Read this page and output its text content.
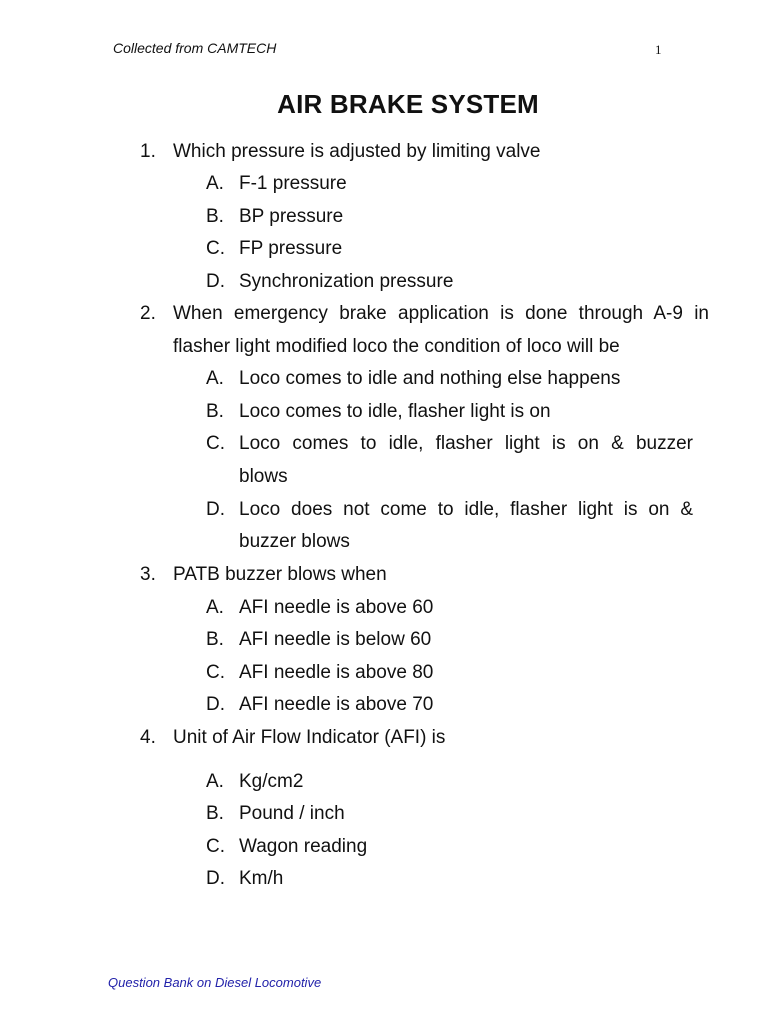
Collected from CAMTECH	1
AIR BRAKE SYSTEM
1. Which pressure is adjusted by limiting valve
A. F-1 pressure
B. BP pressure
C. FP pressure
D. Synchronization pressure
2. When emergency brake application is done through A-9 in
flasher light modified loco the condition of loco will be
A. Loco comes to idle and nothing else happens
B. Loco comes to idle, flasher light is on
C. Loco comes to idle, flasher light is on & buzzer
blows
D. Loco does not come to idle, flasher light is on &
buzzer blows
3. PATB buzzer blows when
A. AFI needle is above 60
B. AFI needle is below 60
C. AFI needle is above 80
D. AFI needle is above 70
4. Unit of Air Flow Indicator (AFI) is
A. Kg/cm2
B. Pound / inch
C. Wagon reading
D. Km/h
Question Bank on Diesel Locomotive
